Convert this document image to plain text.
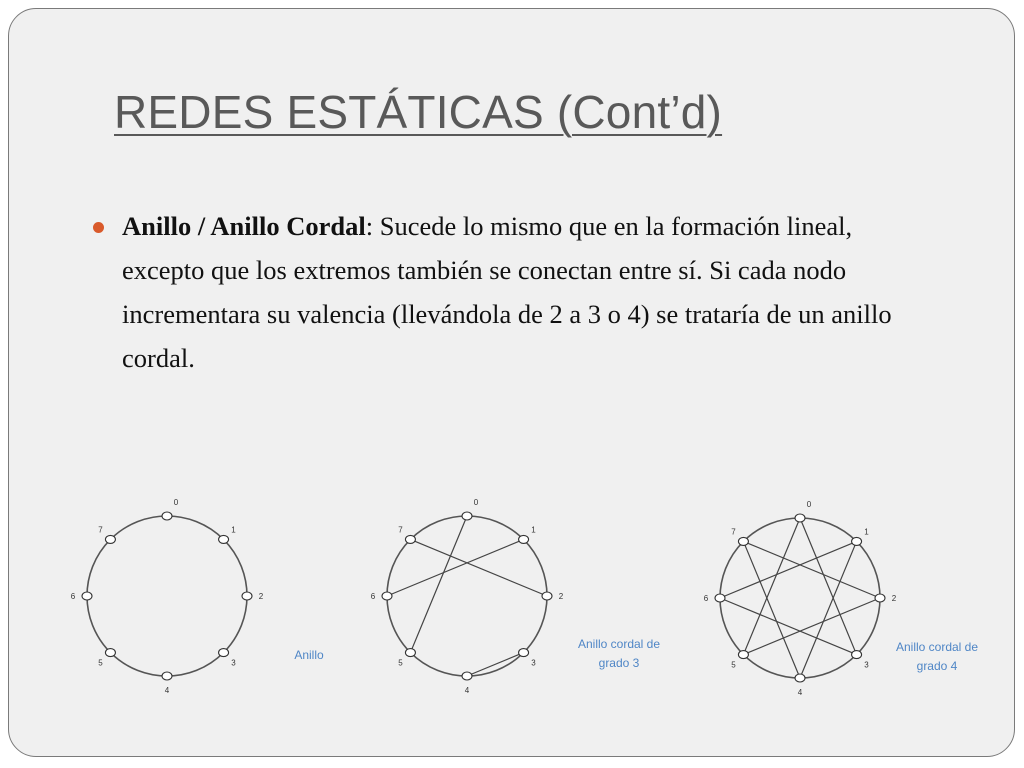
REDES ESTÁTICAS (Cont’d)
Anillo / Anillo Cordal: Sucede lo mismo que en la formación lineal, excepto que los extremos también se conectan entre sí. Si cada nodo incrementara su valencia (llevándola de 2 a 3 o 4) se trataría de un anillo cordal.
0
1
2
3
4
5
6
7
Anillo
0
1
2
3
4
5
6
7
Anillo cordal de
grado 3
0
1
2
3
4
5
6
7
Anillo cordal de
grado 4
